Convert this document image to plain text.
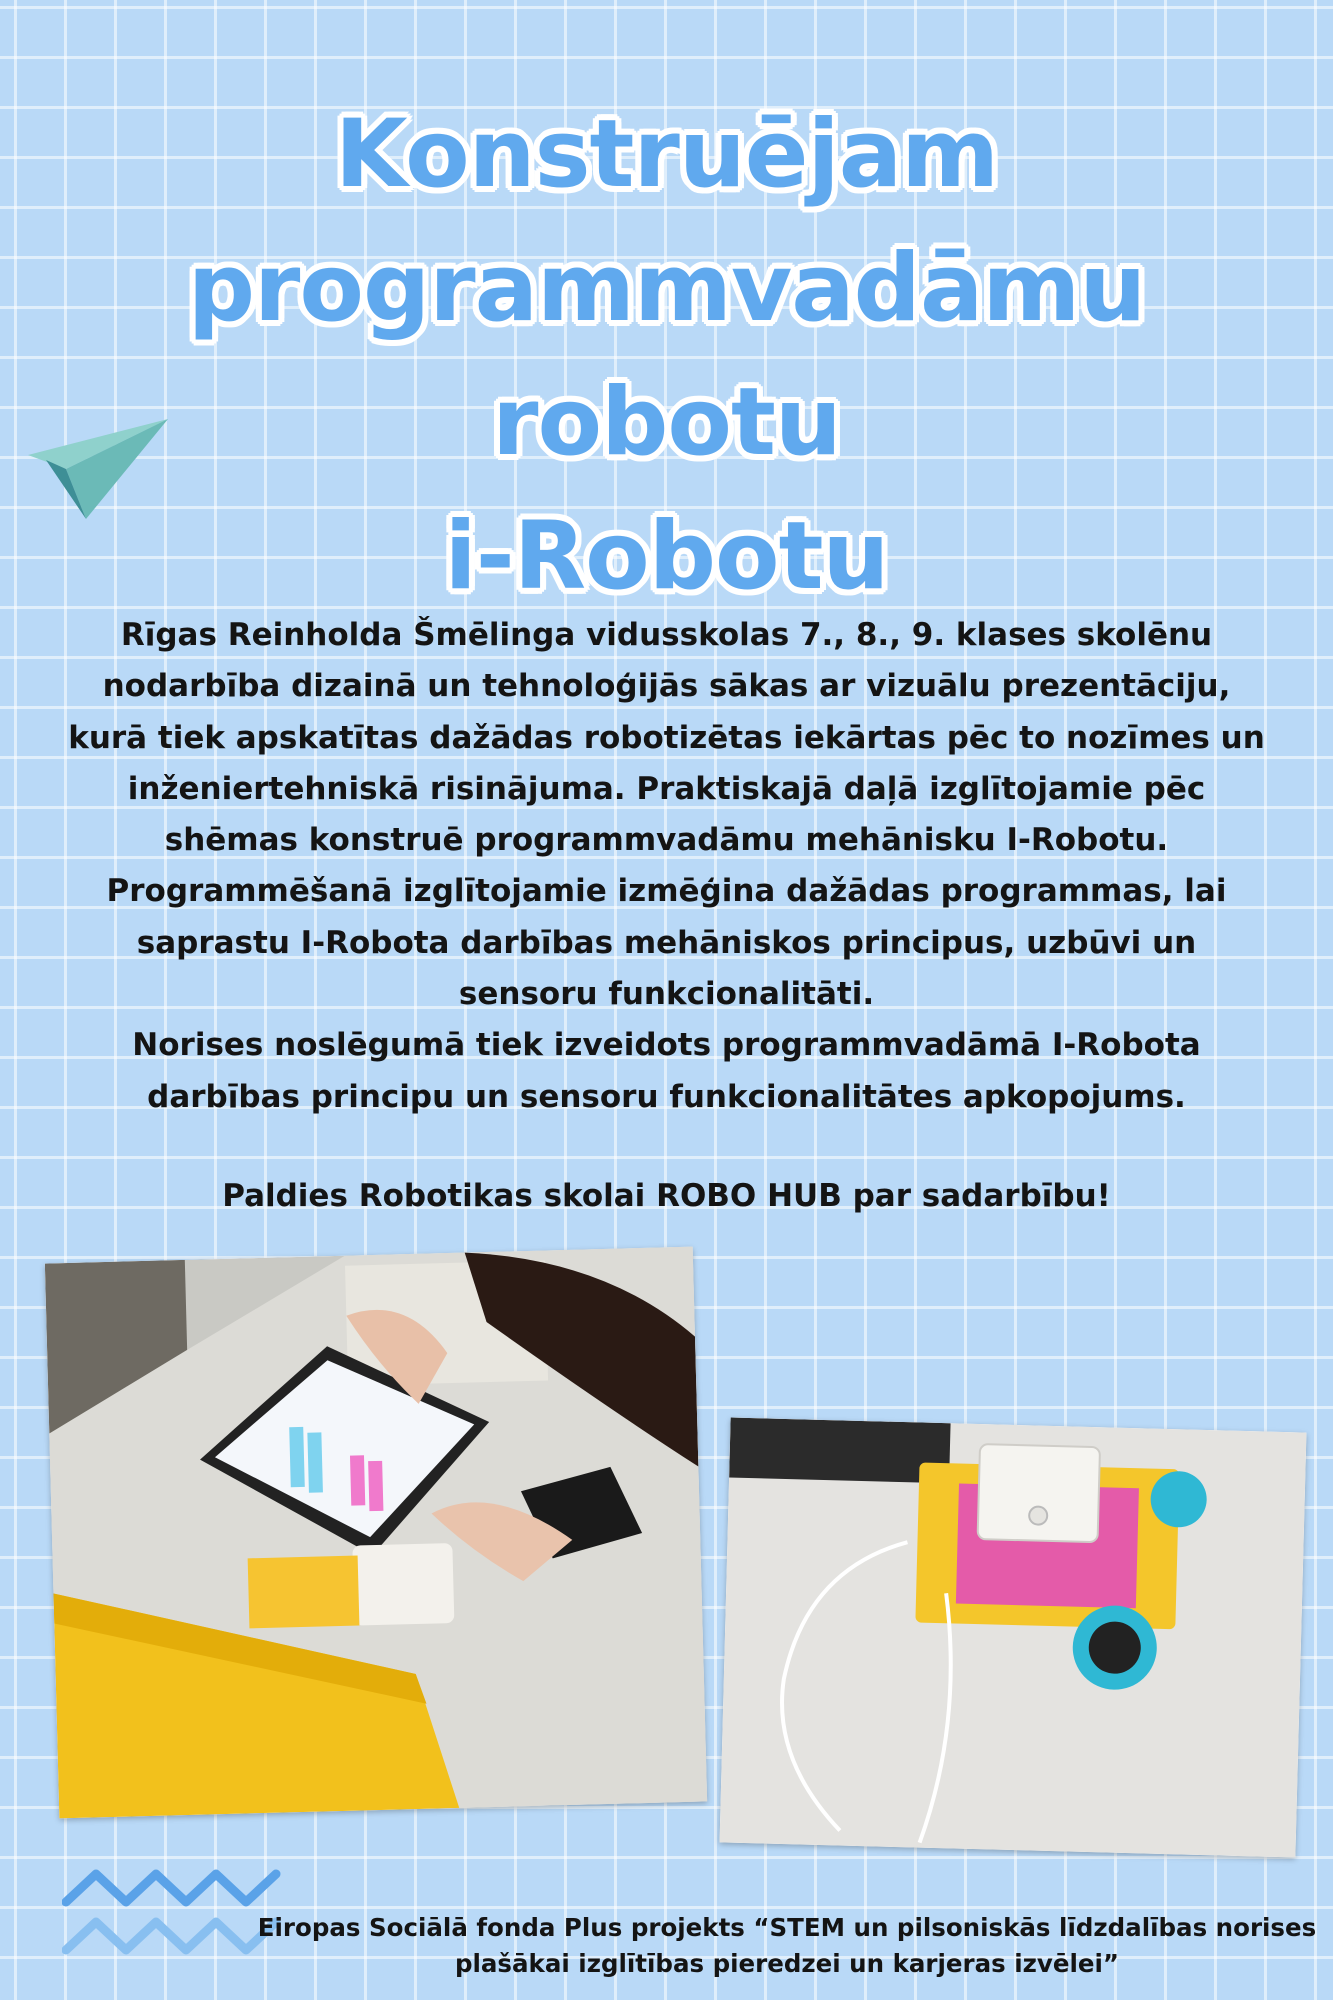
Konstruējam
programmvadāmu robotu
i-Robotu
Rīgas Reinholda Šmēlinga vidusskolas 7., 8., 9. klases skolēnu
nodarbība dizainā un tehnoloģijās sākas ar vizuālu prezentāciju,
kurā tiek apskatītas dažādas robotizētas iekārtas pēc to nozīmes un
inženiertehniskā risinājuma. Praktiskajā daļā izglītojamie pēc
shēmas konstruē programmvadāmu mehānisku I-Robotu.
Programmēšanā izglītojamie izmēģina dažādas programmas, lai
saprastu I-Robota darbības mehāniskos principus, uzbūvi un
sensoru funkcionalitāti.
Norises noslēgumā tiek izveidots programmvadāmā I-Robota
darbības principu un sensoru funkcionalitātes apkopojums.

Paldies Robotikas skolai ROBO HUB par sadarbību!

Eiropas Sociālā fonda Plus projekts “STEM un pilsoniskās līdzdalības norises
plašākai izglītības pieredzei un karjeras izvēlei”
